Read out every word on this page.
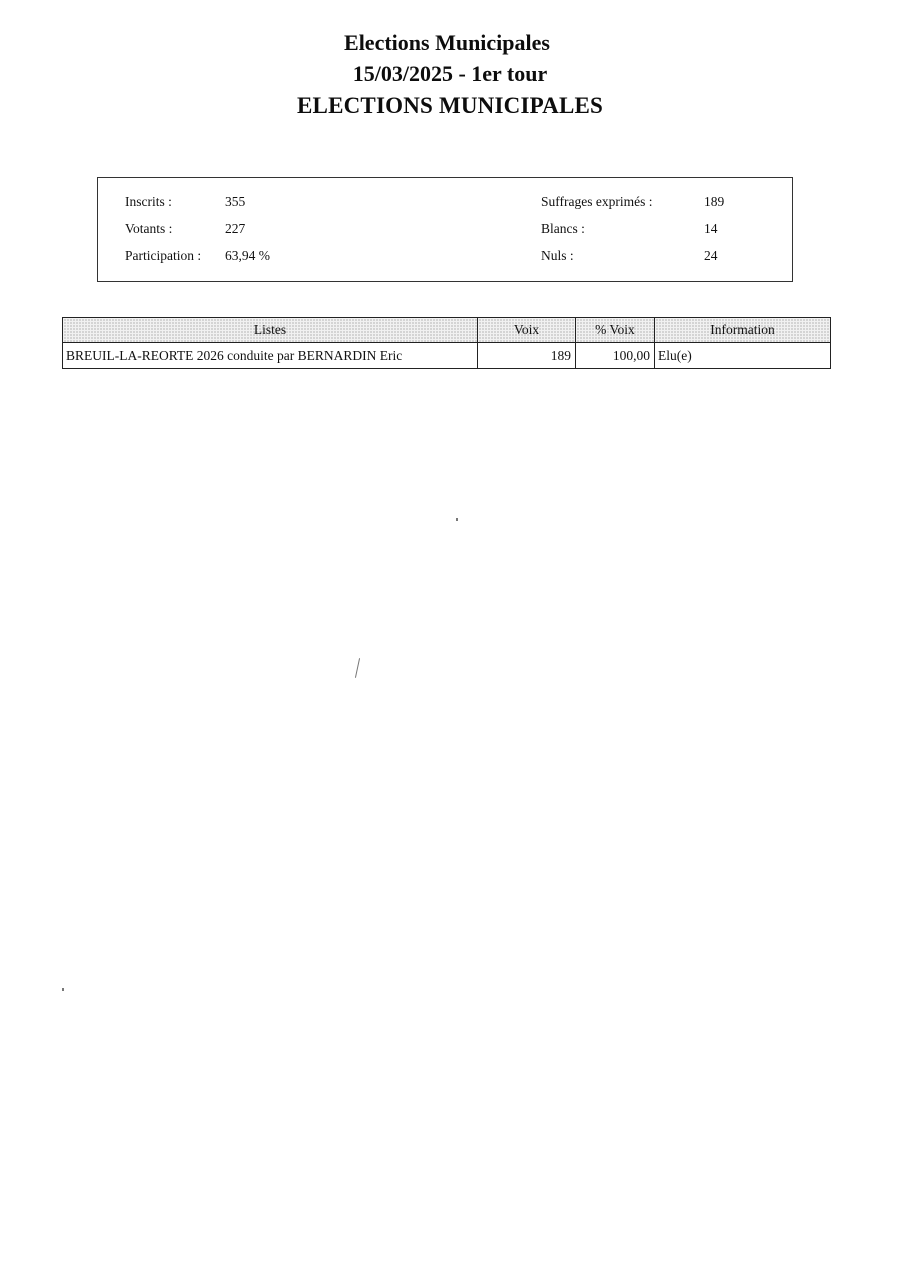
Elections Municipales
15/03/2025 - 1er tour
ELECTIONS MUNICIPALES
Inscrits :	355
Votants :	227
Participation : 63,94 %
Suffrages exprimés :	189
Blancs :	14
Nuls :	24
Listes	Voix	% Voix	Information
BREUIL-LA-REORTE 2026 conduite par BERNARDIN Eric	189	100,00	Elu(e)
